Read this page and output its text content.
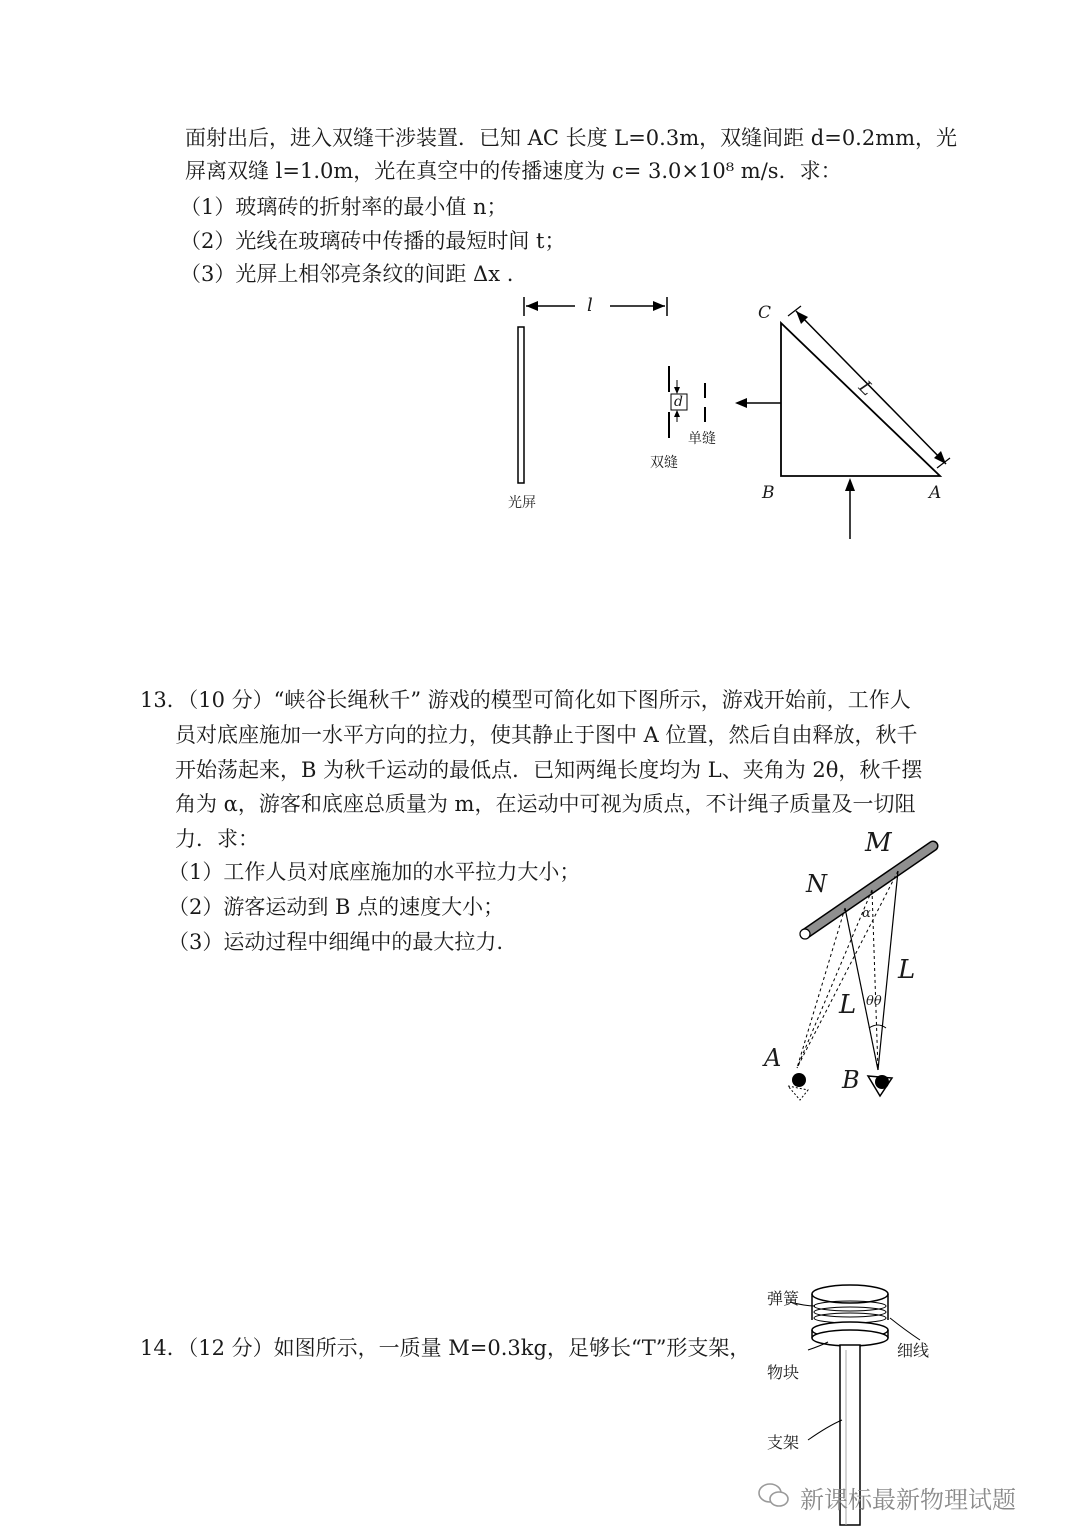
面射出后，进入双缝干涉装置．已知 AC 长度 L=0.3m，双缝间距 d=0.2mm，光
屏离双缝 l=1.0m，光在真空中的传播速度为 c= 3.0×10⁸ m/s．求：
（1）玻璃砖的折射率的最小值 n；
（2）光线在玻璃砖中传播的最短时间 t；
（3）光屏上相邻亮条纹的间距 Δx .
l
d
L
单缝
双缝
光屏
C
B	A
13．（10 分）“峡谷长绳秋千” 游戏的模型可简化如下图所示，游戏开始前，工作人
员对底座施加一水平方向的拉力，使其静止于图中 A 位置，然后自由释放，秋千
开始荡起来，B 为秋千运动的最低点．已知两绳长度均为 L、夹角为 2θ，秋千摆
角为 α，游客和底座总质量为 m，在运动中可视为质点，不计绳子质量及一切阻
力．求：
（1）工作人员对底座施加的水平拉力大小；
（2）游客运动到 B 点的速度大小；
（3）运动过程中细绳中的最大拉力.
M
N
L
L
α
θθ
A
B
14．（12 分）如图所示，一质量 M=0.3kg，足够长“T”形支架，
弹簧
细线
物块
支架
新课标最新物理试题
